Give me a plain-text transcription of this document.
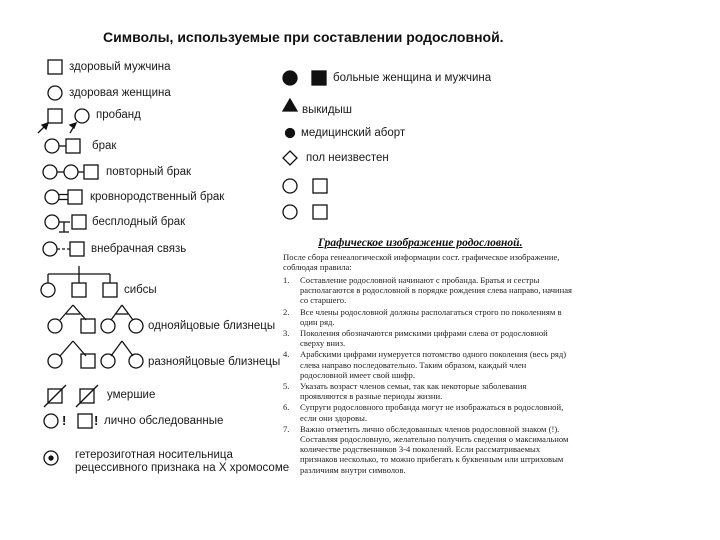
Символы, используемые при составлении родословной.
здоровый мужчина
здоровая женщина
пробанд
брак
повторный брак
кровнородственный брак
бесплодный брак
внебрачная связь
сибсы
однояйцовые близнецы
разнояйцовые близнецы
умершие
! ! лично обследованные
гетерозиготная носительница
рецессивного признака на X хромосоме
больные женщина и мужчина
выкидыш
медицинский аборт
пол неизвестен
Графическое изображение родословной.
После сбора генеалогической информации сост. графическое изображение, соблюдая правила:
1. Составление родословной начинают с пробанда. Братья и сестры располагаются в родословной в порядке рождения слева направо, начиная со старшего.
2. Все члены родословной должны располагаться строго по поколениям в один ряд.
3. Поколения обозначаются римскими цифрами слева от родословной сверху вниз.
4. Арабскими цифрами нумеруется потомство одного поколения (весь ряд) слева направо последовательно. Таким образом, каждый член родословной имеет свой шифр.
5. Указать возраст членов семьи, так как некоторые заболевания проявляются в разные периоды жизни.
6. Супруги родословного пробанда могут не изображаться в родословной, если они здоровы.
7. Важно отметить лично обследованных членов родословной знаком (!). Составляя родословную, желательно получить сведения о максимальном количестве родственников 3-4 поколений. Если рассматриваемых признаков несколько, то можно прибегать к буквенным или штриховым различиям внутри символов.
